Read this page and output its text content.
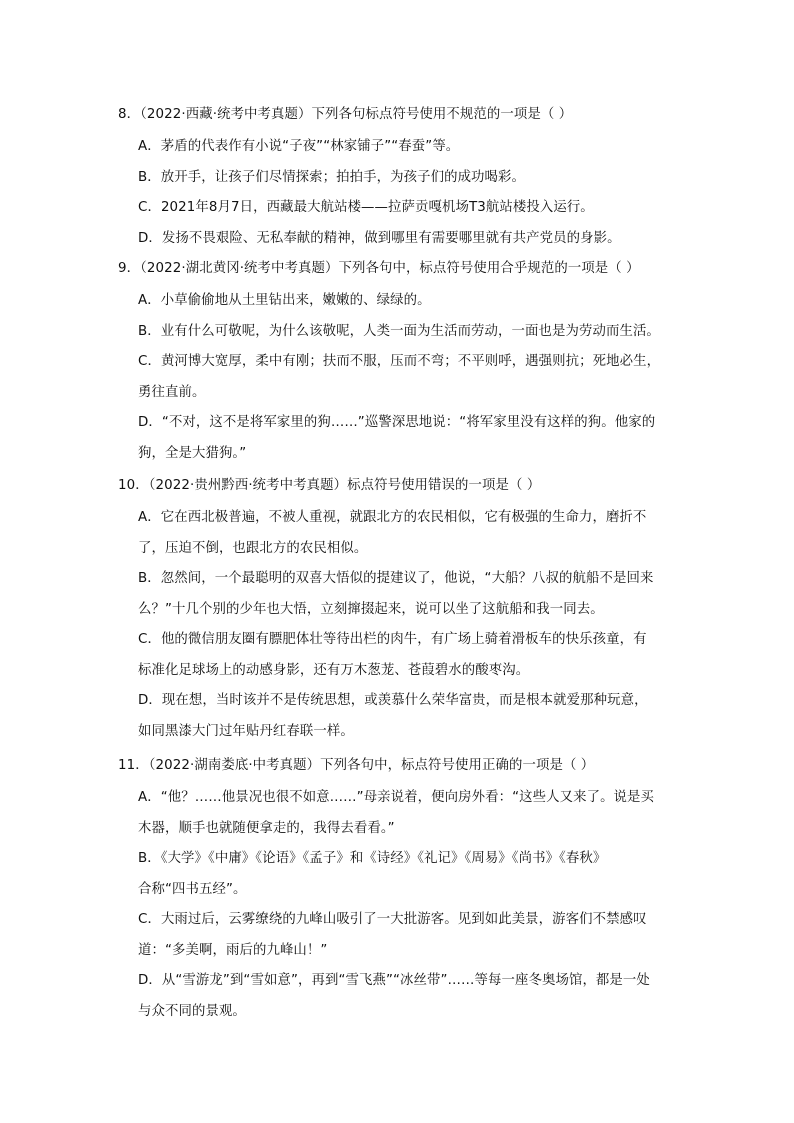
8．（2022·西藏·统考中考真题）下列各句标点符号使用不规范的一项是（ ）
A．茅盾的代表作有小说“子夜”“林家铺子”“春蚕”等。
B．放开手，让孩子们尽情探索；拍拍手，为孩子们的成功喝彩。
C．2021年8月7日，西藏最大航站楼——拉萨贡嘎机场T3航站楼投入运行。
D．发扬不畏艰险、无私奉献的精神，做到哪里有需要哪里就有共产党员的身影。
9．（2022·湖北黄冈·统考中考真题）下列各句中，标点符号使用合乎规范的一项是（ ）
A．小草偷偷地从土里钻出来，嫩嫩的、绿绿的。
B．业有什么可敬呢，为什么该敬呢，人类一面为生活而劳动，一面也是为劳动而生活。
C．黄河博大宽厚，柔中有刚；扶而不服，压而不弯；不平则呼，遇强则抗；死地必生，
勇往直前。
D．“不对，这不是将军家里的狗……”巡警深思地说：“将军家里没有这样的狗。他家的
狗，全是大猎狗。”
10．（2022·贵州黔西·统考中考真题）标点符号使用错误的一项是（ ）
A．它在西北极普遍，不被人重视，就跟北方的农民相似，它有极强的生命力，磨折不
了，压迫不倒，也跟北方的农民相似。
B．忽然间，一个最聪明的双喜大悟似的提建议了，他说，“大船？八叔的航船不是回来
么？”十几个别的少年也大悟，立刻撺掇起来，说可以坐了这航船和我一同去。
C．他的微信朋友圈有膘肥体壮等待出栏的肉牛，有广场上骑着滑板车的快乐孩童，有
标准化足球场上的动感身影，还有万木葱茏、苍葭碧水的酸枣沟。
D．现在想，当时该并不是传统思想，或羡慕什么荣华富贵，而是根本就爱那种玩意，
如同黑漆大门过年贴丹红春联一样。
11．（2022·湖南娄底·中考真题）下列各句中，标点符号使用正确的一项是（ ）
A．“他？……他景况也很不如意……”母亲说着，便向房外看：“这些人又来了。说是买
木器，顺手也就随便拿走的，我得去看看。”
B．《大学》《中庸》《论语》《孟子》和《诗经》《礼记》《周易》《尚书》《春秋》
合称“四书五经”。
C．大雨过后，云雾缭绕的九峰山吸引了一大批游客。见到如此美景，游客们不禁感叹
道：“多美啊，雨后的九峰山！”
D．从“雪游龙”到“雪如意”，再到“雪飞燕”“冰丝带”……等每一座冬奥场馆，都是一处
与众不同的景观。
